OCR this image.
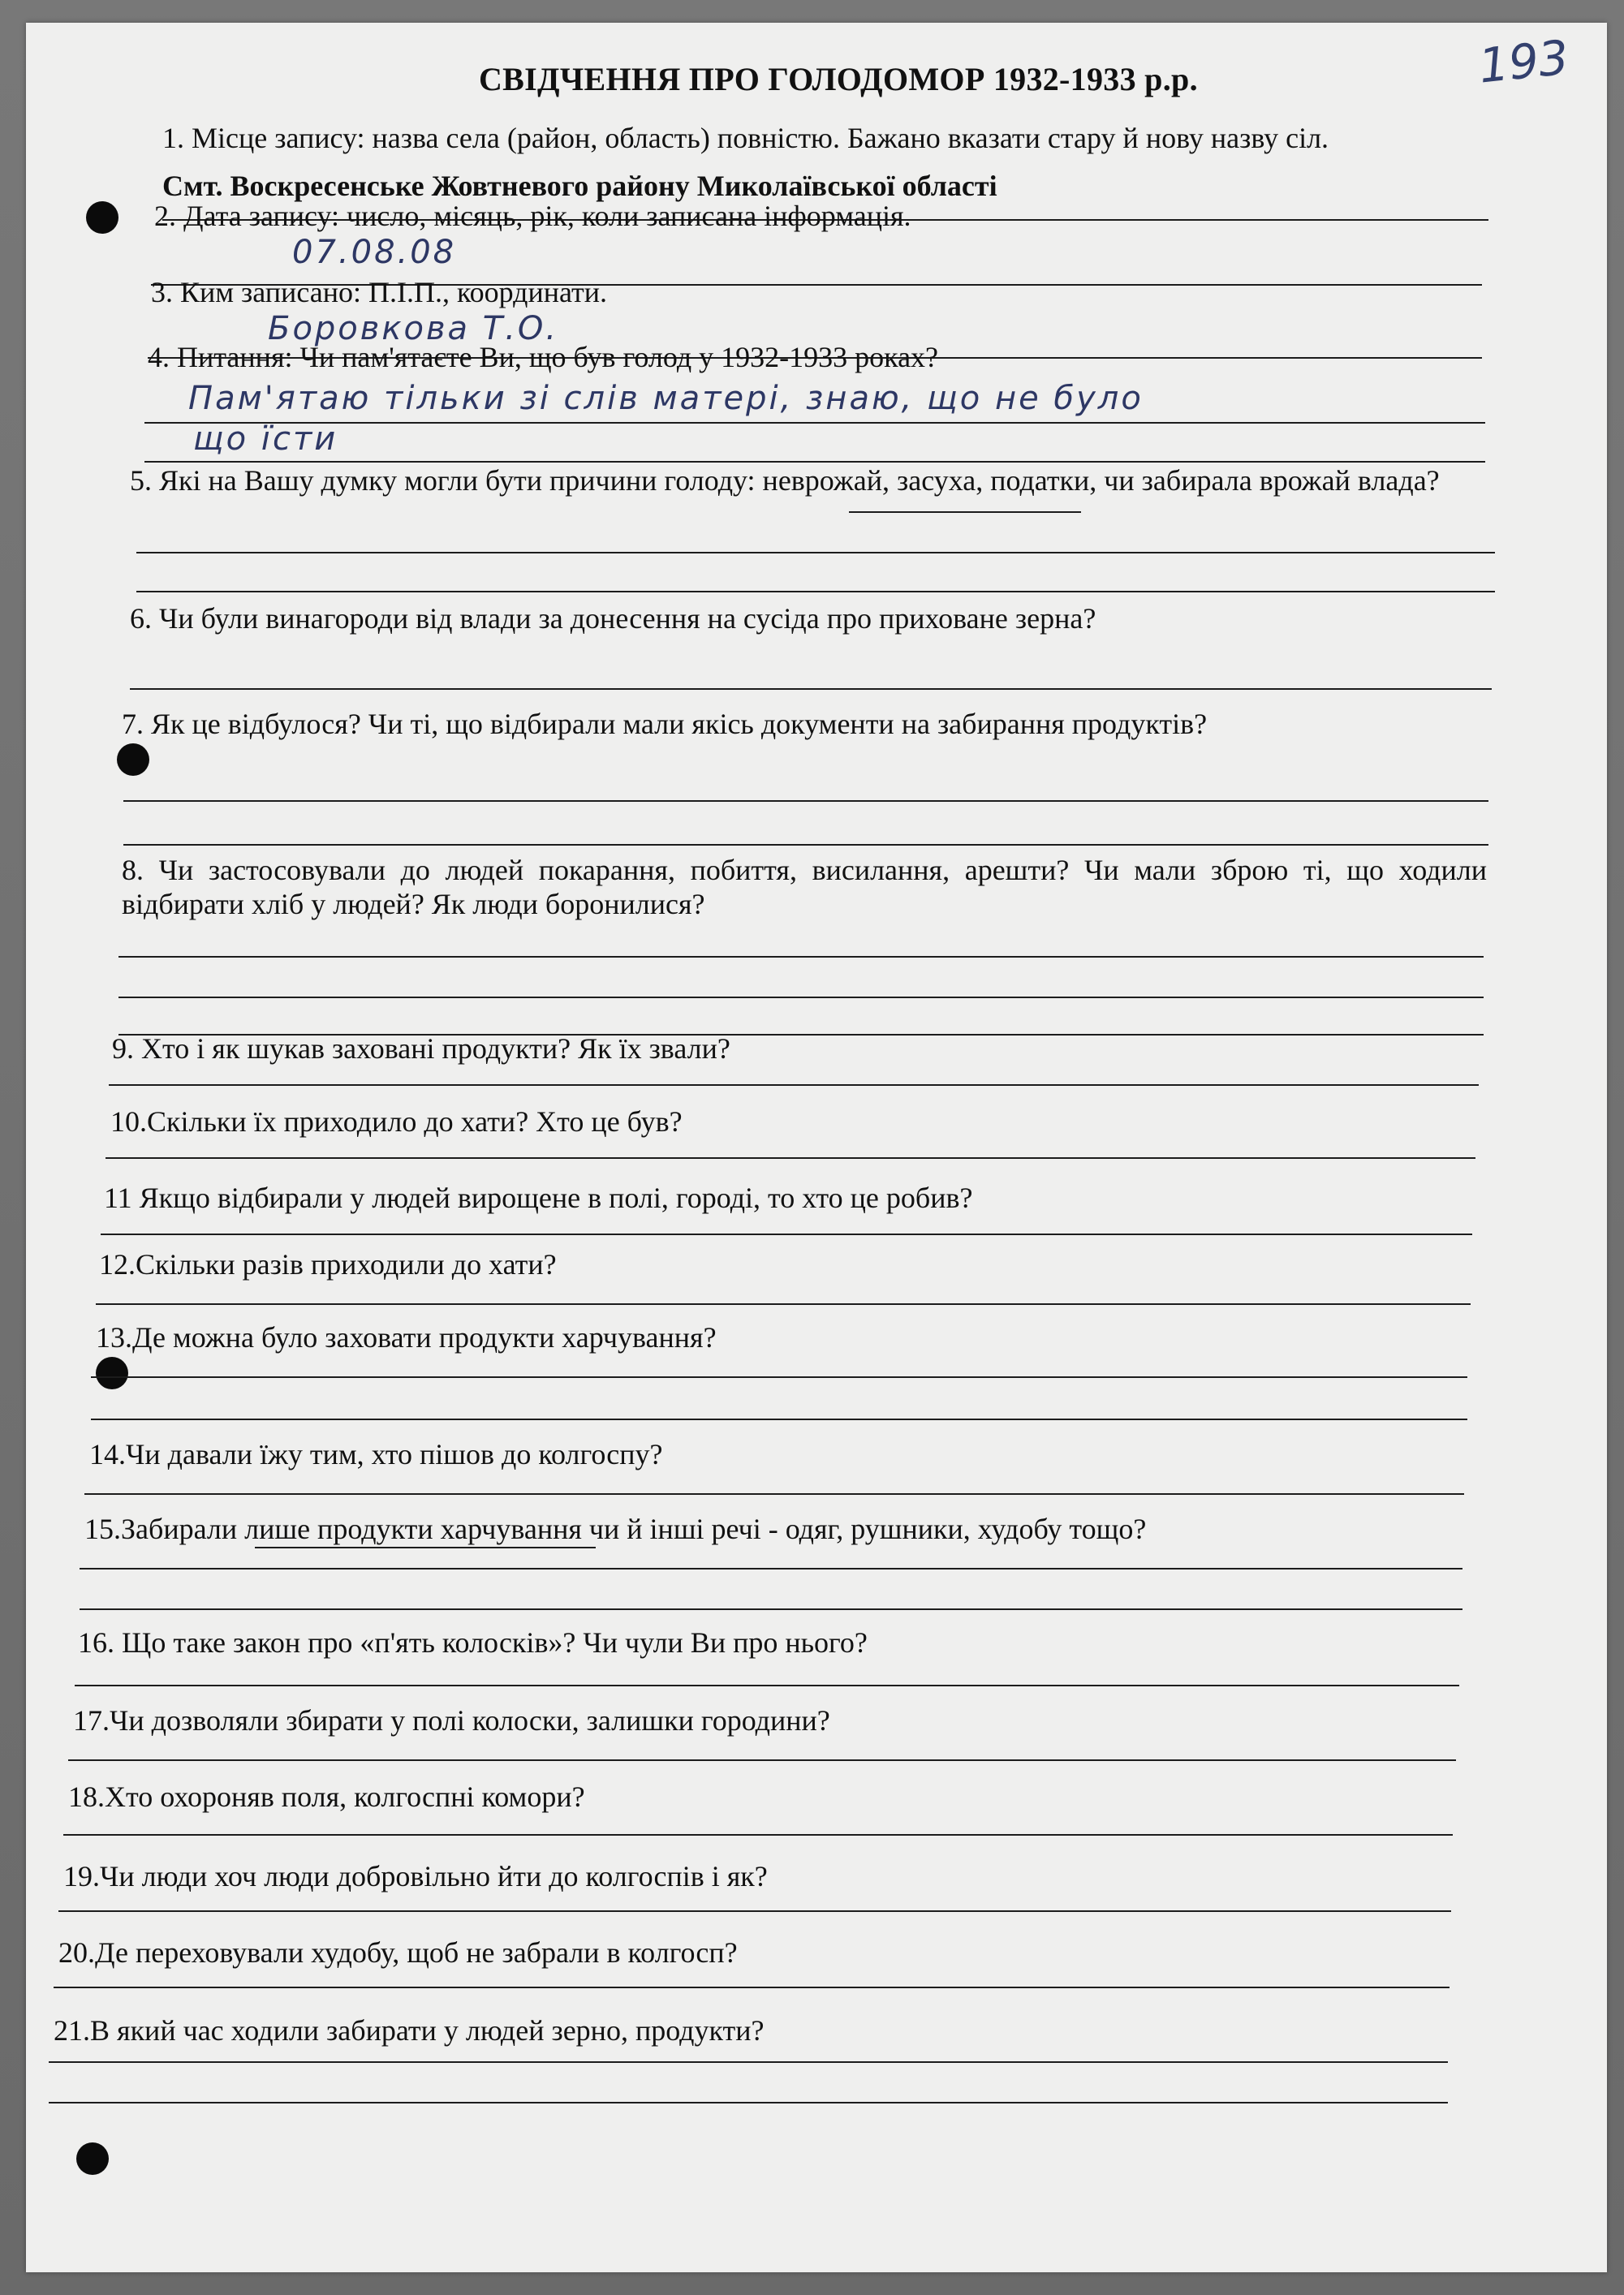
193
СВІДЧЕННЯ ПРО ГОЛОДОМОР 1932-1933 р.р.
1. Місце запису: назва села (район, область) повністю. Бажано вказати стару й нову назву сіл.
Смт. Воскресенське Жовтневого району Миколаївської області
2. Дата запису: число, місяць, рік, коли записана інформація.
07.08.08
3. Ким записано: П.І.П., координати.
Боровкова Т.О.
4. Питання: Чи пам'ятаєте Ви, що був голод у 1932-1933 роках?
Пам'ятаю тільки зі слів матері, знаю, що не було
що їсти
5. Які на Вашу думку могли бути причини голоду: неврожай, засуха, податки, чи забирала врожай влада?
6. Чи були винагороди від влади за донесення на сусіда про приховане зерна?
7. Як це відбулося? Чи ті, що відбирали мали якісь документи на забирання продуктів?
8. Чи застосовували до людей покарання, побиття, висилання, арешти? Чи мали зброю ті, що ходили відбирати хліб у людей? Як люди боронилися?
9. Хто і як шукав заховані продукти? Як їх звали?
10.Скільки їх приходило до хати? Хто це був?
11 Якщо відбирали у людей вирощене в полі, городі, то хто це робив?
12.Скільки разів приходили до хати?
13.Де можна було заховати продукти харчування?
14.Чи давали їжу тим, хто пішов до колгоспу?
15.Забирали лише продукти харчування чи й інші речі - одяг, рушники, худобу тощо?
16. Що таке закон про «п'ять колосків»? Чи чули Ви про нього?
17.Чи дозволяли збирати у полі колоски, залишки городини?
18.Хто охороняв поля, колгоспні комори?
19.Чи люди хоч люди добровільно йти до колгоспів і як?
20.Де переховували худобу, щоб не забрали в колгосп?
21.В який час ходили забирати у людей зерно, продукти?
